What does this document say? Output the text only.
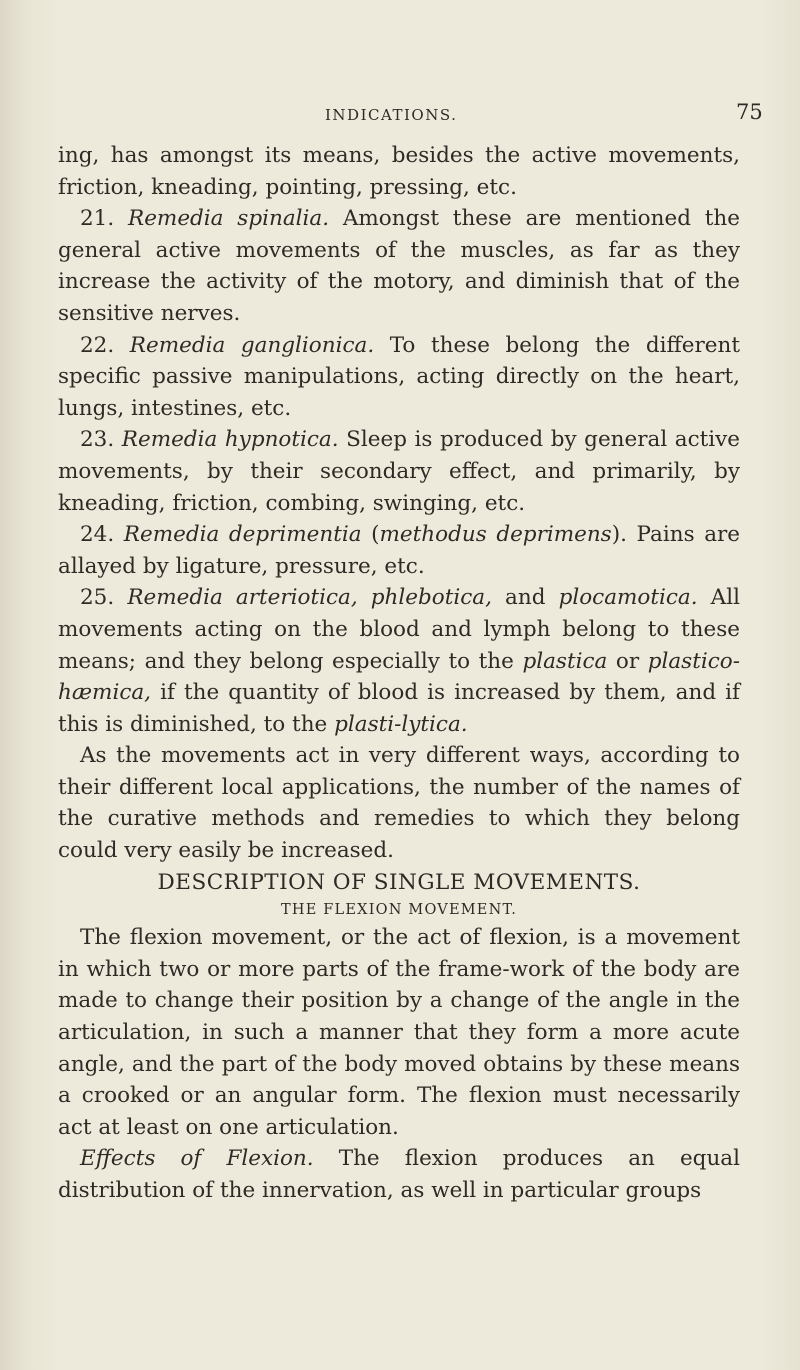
INDICATIONS.	75

ing, has amongst its means, besides the active movements, friction, kneading, pointing, pressing, etc.

21. Remedia spinalia. Amongst these are mentioned the general active movements of the muscles, as far as they increase the activity of the motory, and diminish that of the sensitive nerves.

22. Remedia ganglionica. To these belong the different specific passive manipulations, acting directly on the heart, lungs, intestines, etc.

23. Remedia hypnotica. Sleep is produced by general active movements, by their secondary effect, and primarily, by kneading, friction, combing, swinging, etc.

24. Remedia deprimentia (methodus deprimens). Pains are allayed by ligature, pressure, etc.

25. Remedia arteriotica, phlebotica, and plocamotica. All movements acting on the blood and lymph belong to these means; and they belong especially to the plastica or plastico-hæmica, if the quantity of blood is increased by them, and if this is diminished, to the plasti-lytica.

As the movements act in very different ways, according to their different local applications, the number of the names of the curative methods and remedies to which they belong could very easily be increased.

DESCRIPTION OF SINGLE MOVEMENTS.

THE FLEXION MOVEMENT.

The flexion movement, or the act of flexion, is a movement in which two or more parts of the frame-work of the body are made to change their position by a change of the angle in the articulation, in such a manner that they form a more acute angle, and the part of the body moved obtains by these means a crooked or an angular form. The flexion must necessarily act at least on one articulation.

Effects of Flexion. The flexion produces an equal distribution of the innervation, as well in particular groups
